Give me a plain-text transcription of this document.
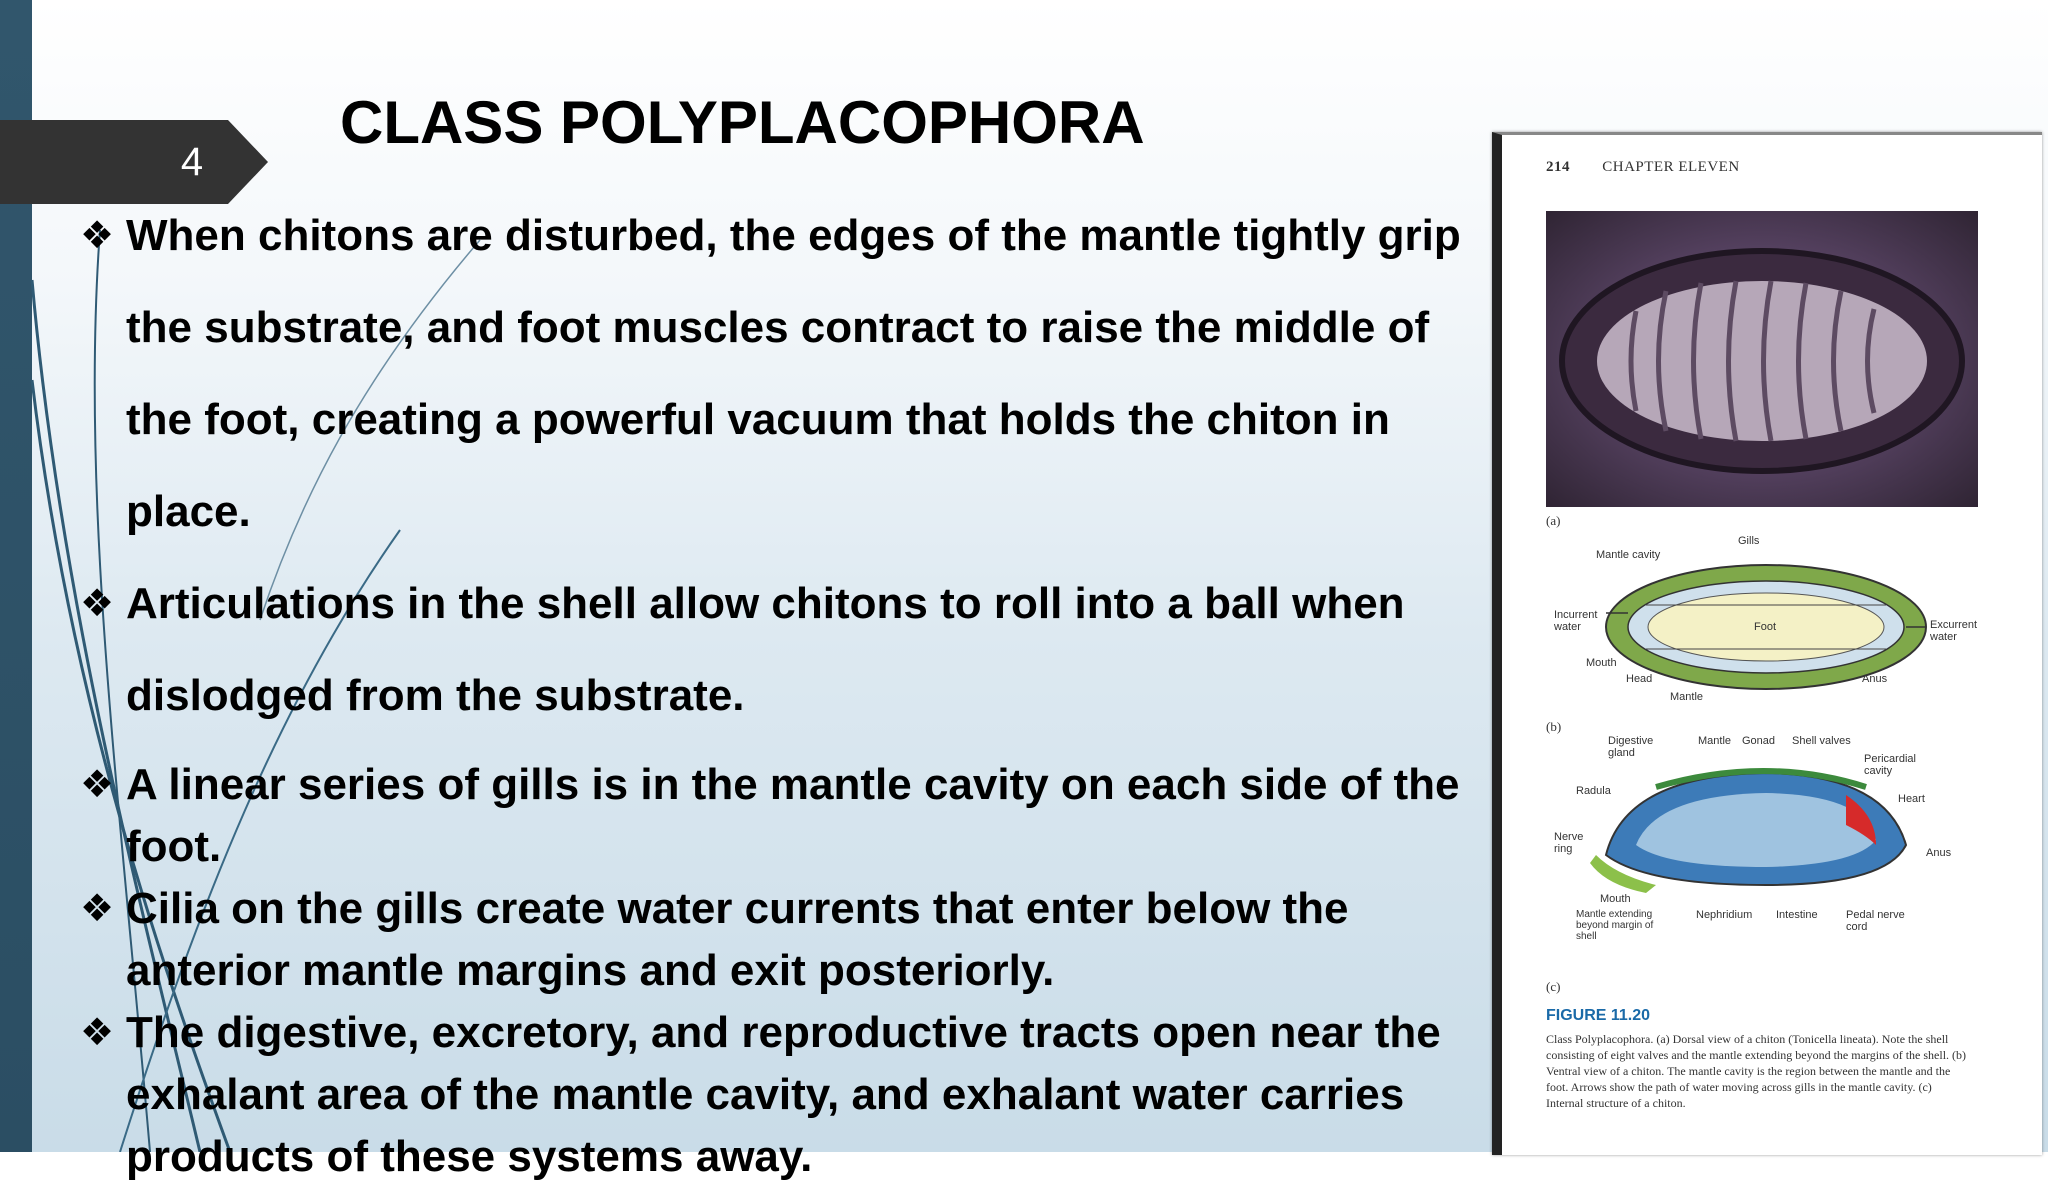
4
CLASS POLYPLACOPHORA
❖ When chitons are disturbed, the edges of the mantle tightly grip the substrate, and foot muscles contract to raise the middle of the foot, creating a powerful vacuum that holds the chiton in place.
❖ Articulations in the shell allow chitons to roll into a ball when dislodged from the substrate.
❖ A linear series of gills is in the mantle cavity on each side of the foot.
❖ Cilia on the gills create water currents that enter below the anterior mantle margins and exit posteriorly.
❖ The digestive, excretory, and reproductive tracts open near the exhalant area of the mantle cavity, and exhalant water carries products of these systems away.
214 CHAPTER ELEVEN
(a)
Gills
Mantle cavity
Incurrent water	Excurrent water
Foot
Mouth
Head
Mantle
Anus
(b)
Digestive gland
Mantle Gonad Shell valves
Pericardial cavity
Radula
Heart
Nerve ring	Anus
Mouth
Mantle extending beyond margin of shell
Nephridium Intestine	Pedal nerve cord
(c)
FIGURE 11.20
Class Polyplacophora. (a) Dorsal view of a chiton (Tonicella lineata). Note the shell consisting of eight valves and the mantle extending beyond the margins of the shell. (b) Ventral view of a chiton. The mantle cavity is the region between the mantle and the foot. Arrows show the path of water moving across gills in the mantle cavity. (c) Internal structure of a chiton.
